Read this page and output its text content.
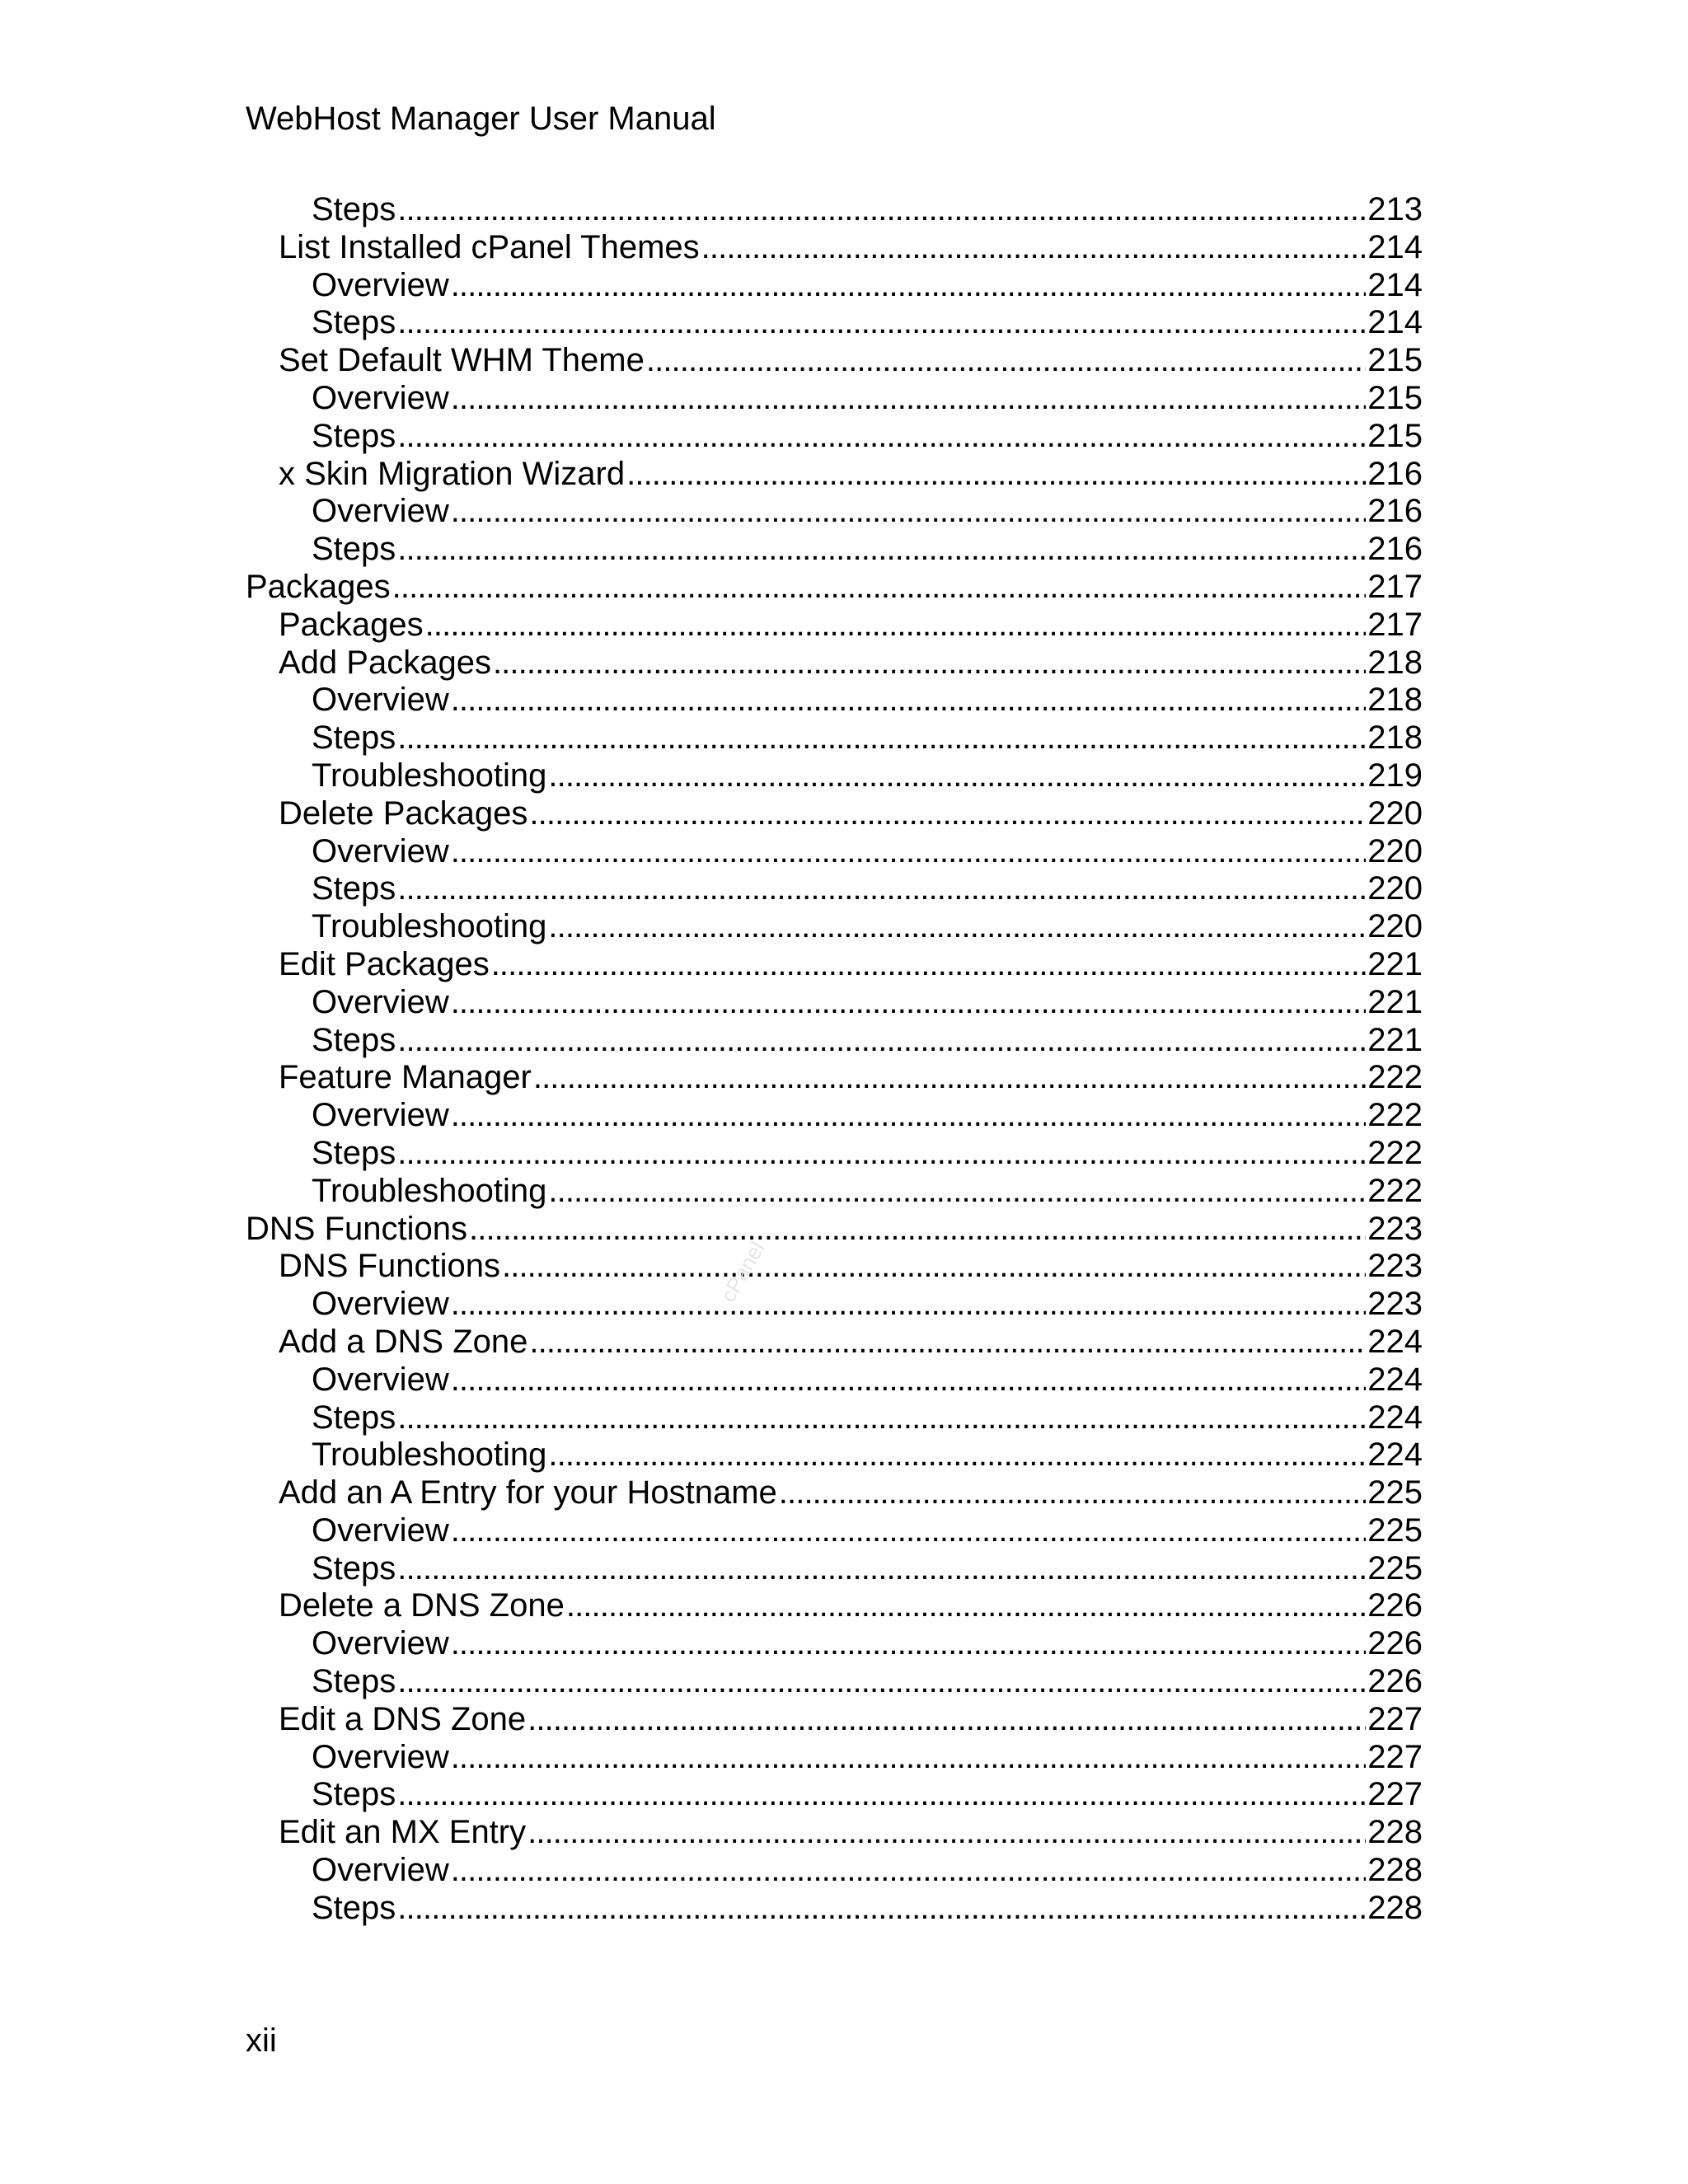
WebHost Manager User Manual
Steps . . .	213
List Installed cPanel Themes . . .	214
Overview . . .	214
Steps . . .	214
Set Default WHM Theme . . .	215
Overview . . .	215
Steps . . .	215
x Skin Migration Wizard . . .	216
Overview . . .	216
Steps . . .	216
Packages . . .	217
Packages . . .	217
Add Packages . . .	218
Overview . . .	218
Steps . . .	218
Troubleshooting . . .	219
Delete Packages . . .	220
Overview . . .	220
Steps . . .	220
Troubleshooting . . .	220
Edit Packages . . .	221
Overview . . .	221
Steps . . .	221
Feature Manager . . .	222
Overview . . .	222
Steps . . .	222
Troubleshooting . . .	222
DNS Functions . . .	223
DNS Functions . . .	223
Overview . . .	223
Add a DNS Zone . . .	224
Overview . . .	224
Steps . . .	224
Troubleshooting . . .	224
Add an A Entry for your Hostname . . .	225
Overview . . .	225
Steps . . .	225
Delete a DNS Zone . . .	226
Overview . . .	226
Steps . . .	226
Edit a DNS Zone . . .	227
Overview . . .	227
Steps . . .	227
Edit an MX Entry . . .	228
Overview . . .	228
Steps . . .	228
cPanel
xii
